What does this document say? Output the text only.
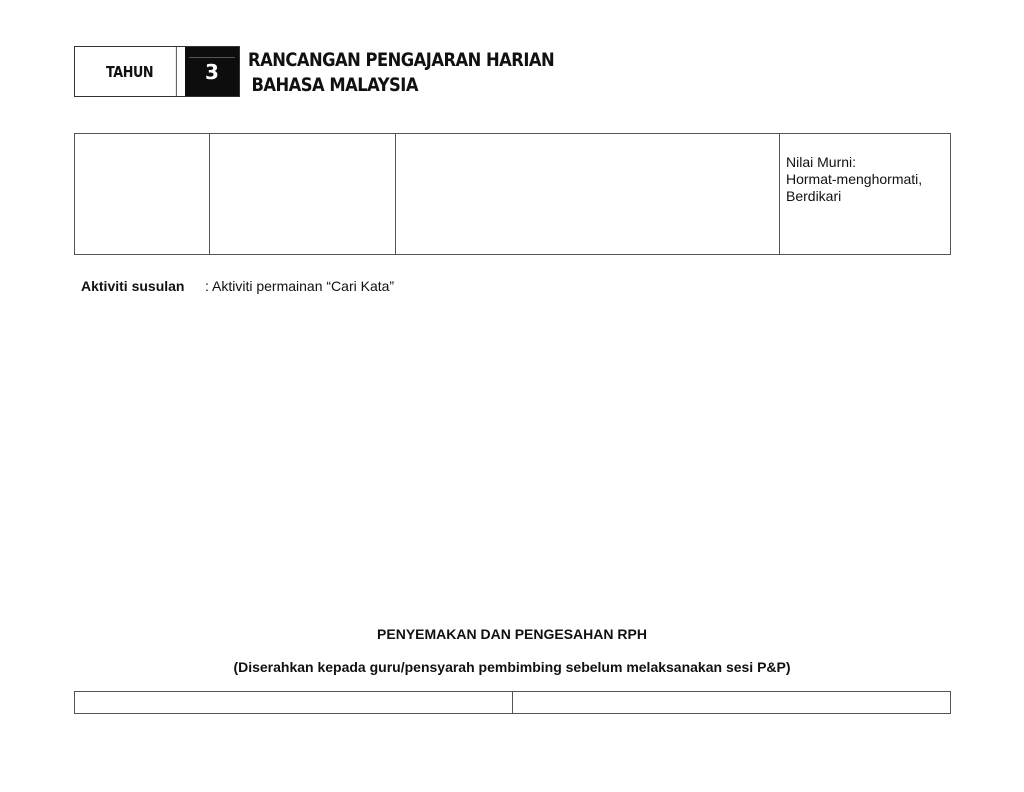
TAHUN	3 RANCANGAN PENGAJARAN HARIAN
BAHASA MALAYSIA

Nilai Murni:
Hormat-menghormati,
Berdikari
Aktiviti susulan : Aktiviti permainan “Cari Kata”
PENYEMAKAN DAN PENGESAHAN RPH
(Diserahkan kepada guru/pensyarah pembimbing sebelum melaksanakan sesi P&P)
